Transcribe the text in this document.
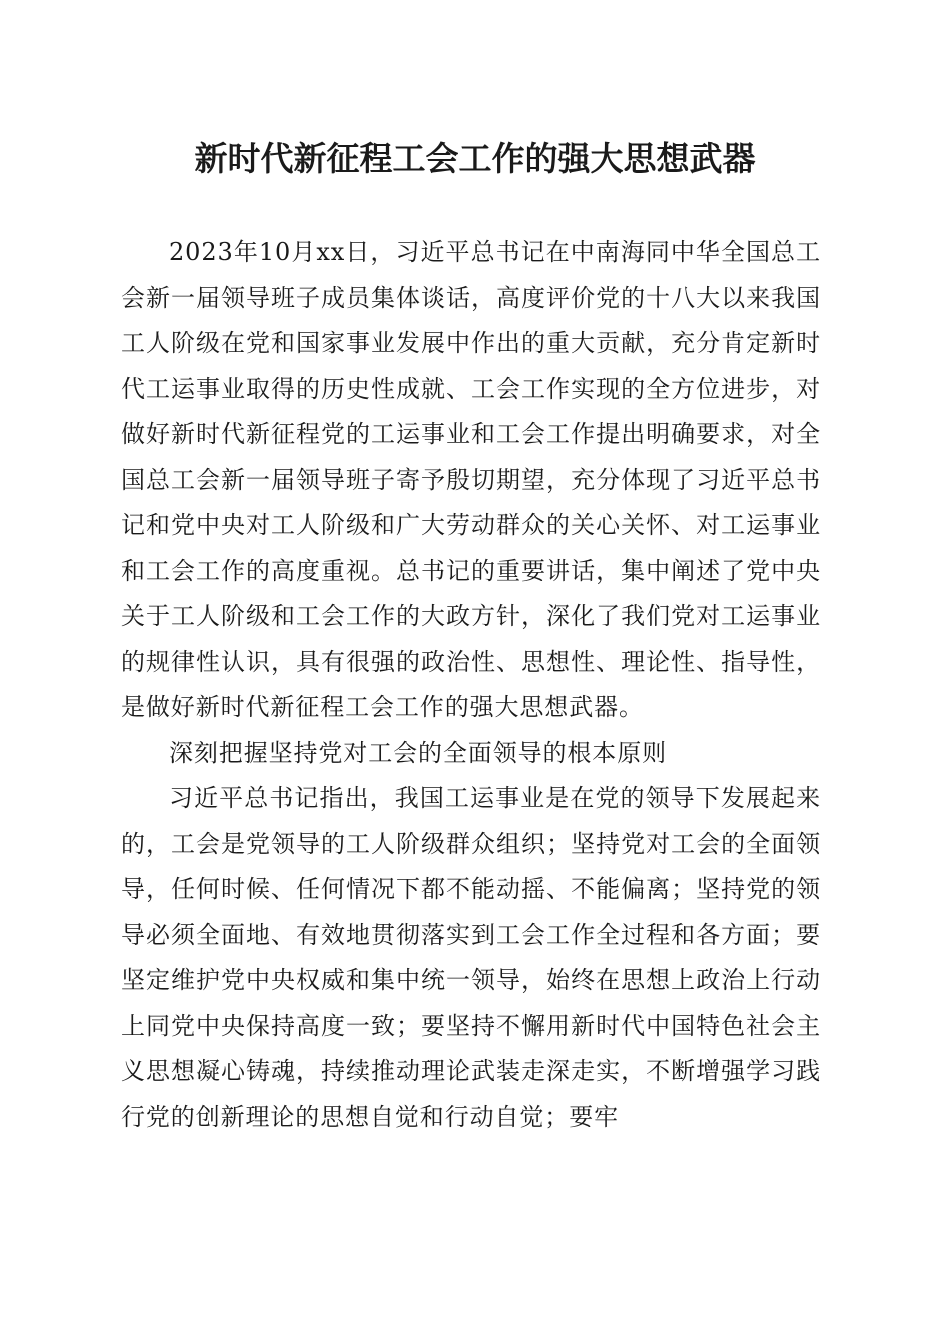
新时代新征程工会工作的强大思想武器

2023年10月xx日，习近平总书记在中南海同中华全国总工会新一届领导班子成员集体谈话，高度评价党的十八大以来我国工人阶级在党和国家事业发展中作出的重大贡献，充分肯定新时代工运事业取得的历史性成就、工会工作实现的全方位进步，对做好新时代新征程党的工运事业和工会工作提出明确要求，对全国总工会新一届领导班子寄予殷切期望，充分体现了习近平总书记和党中央对工人阶级和广大劳动群众的关心关怀、对工运事业和工会工作的高度重视。总书记的重要讲话，集中阐述了党中央关于工人阶级和工会工作的大政方针，深化了我们党对工运事业的规律性认识，具有很强的政治性、思想性、理论性、指导性，是做好新时代新征程工会工作的强大思想武器。

深刻把握坚持党对工会的全面领导的根本原则

习近平总书记指出，我国工运事业是在党的领导下发展起来的，工会是党领导的工人阶级群众组织；坚持党对工会的全面领导，任何时候、任何情况下都不能动摇、不能偏离；坚持党的领导必须全面地、有效地贯彻落实到工会工作全过程和各方面；要坚定维护党中央权威和集中统一领导，始终在思想上政治上行动上同党中央保持高度一致；要坚持不懈用新时代中国特色社会主义思想凝心铸魂，持续推动理论武装走深走实，不断增强学习践行党的创新理论的思想自觉和行动自觉；要牢
